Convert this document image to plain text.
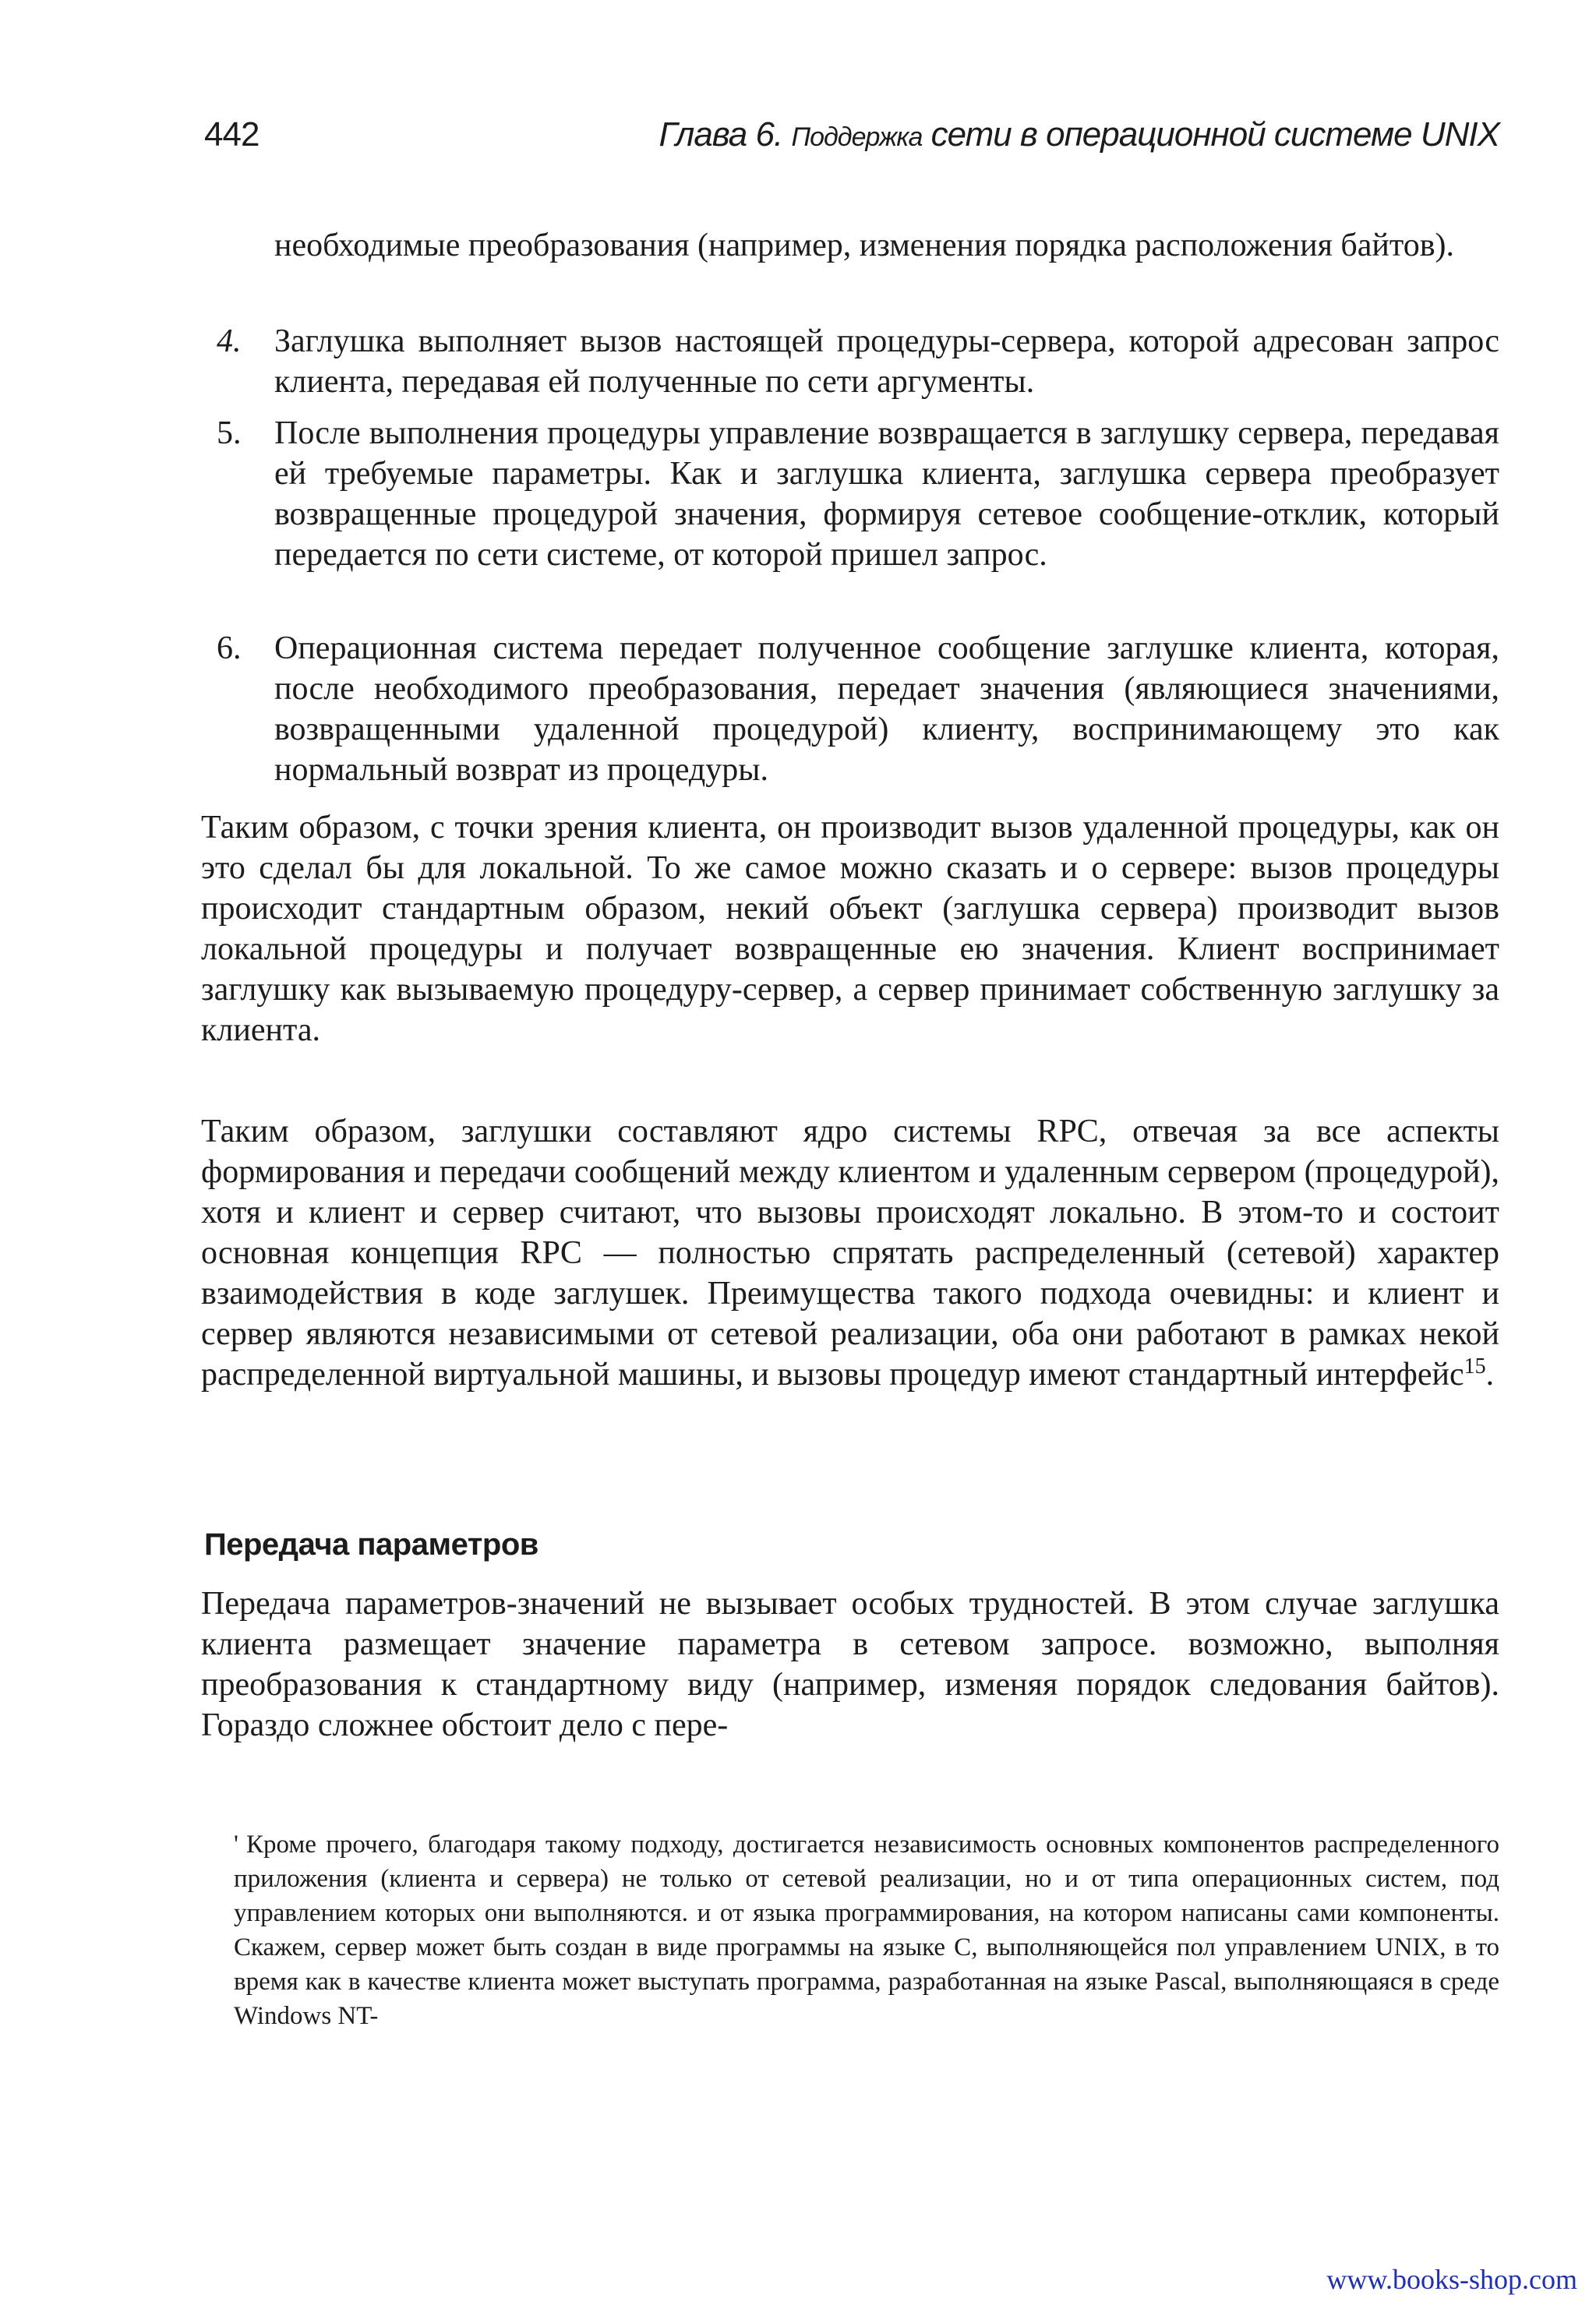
442	Глава 6. Поддержка сети в операционной системе UNIX
необходимые преобразования (например, изменения порядка расположения байтов).
4.	Заглушка выполняет вызов настоящей процедуры-сервера, которой адресован запрос клиента, передавая ей полученные по сети аргументы.
5.	После выполнения процедуры управление возвращается в заглушку сервера, передавая ей требуемые параметры. Как и заглушка клиента, заглушка сервера преобразует возвращенные процедурой значения, формируя сетевое сообщение-отклик, который передается по сети системе, от которой пришел запрос.
6.	Операционная система передает полученное сообщение заглушке клиента, которая, после необходимого преобразования, передает значения (являющиеся значениями, возвращенными удаленной процедурой) клиенту, воспринимающему это как нормальный возврат из процедуры.
Таким образом, с точки зрения клиента, он производит вызов удаленной процедуры, как он это сделал бы для локальной. То же самое можно сказать и о сервере: вызов процедуры происходит стандартным образом, некий объект (заглушка сервера) производит вызов локальной процедуры и получает возвращенные ею значения. Клиент воспринимает заглушку как вызываемую процедуру-сервер, а сервер принимает собственную заглушку за клиента.
Таким образом, заглушки составляют ядро системы RPC, отвечая за все аспекты формирования и передачи сообщений между клиентом и удаленным сервером (процедурой), хотя и клиент и сервер считают, что вызовы происходят локально. В этом-то и состоит основная концепция RPC — полностью спрятать распределенный (сетевой) характер взаимодействия в коде заглушек. Преимущества такого подхода очевидны: и клиент и сервер являются независимыми от сетевой реализации, оба они работают в рамках некой распределенной виртуальной машины, и вызовы процедур имеют стандартный интерфейс$^{15}$.
Передача параметров
Передача параметров-значений не вызывает особых трудностей. В этом случае заглушка клиента размещает значение параметра в сетевом запросе. возможно, выполняя преобразования к стандартному виду (например, изменяя порядок следования байтов). Гораздо сложнее обстоит дело с пере-
' Кроме прочего, благодаря такому подходу, достигается независимость основных компонентов распределенного приложения (клиента и сервера) не только от сетевой реализации, но и от типа операционных систем, под управлением которых они выполняются. и от языка программирования, на котором написаны сами компоненты. Скажем, сервер может быть создан в виде программы на языке С, выполняющейся пол управлением UNIX, в то время как в качестве клиента может выступать программа, разработанная на языке Pascal, выполняющаяся в среде Windows NT-
www.books-shop.com
